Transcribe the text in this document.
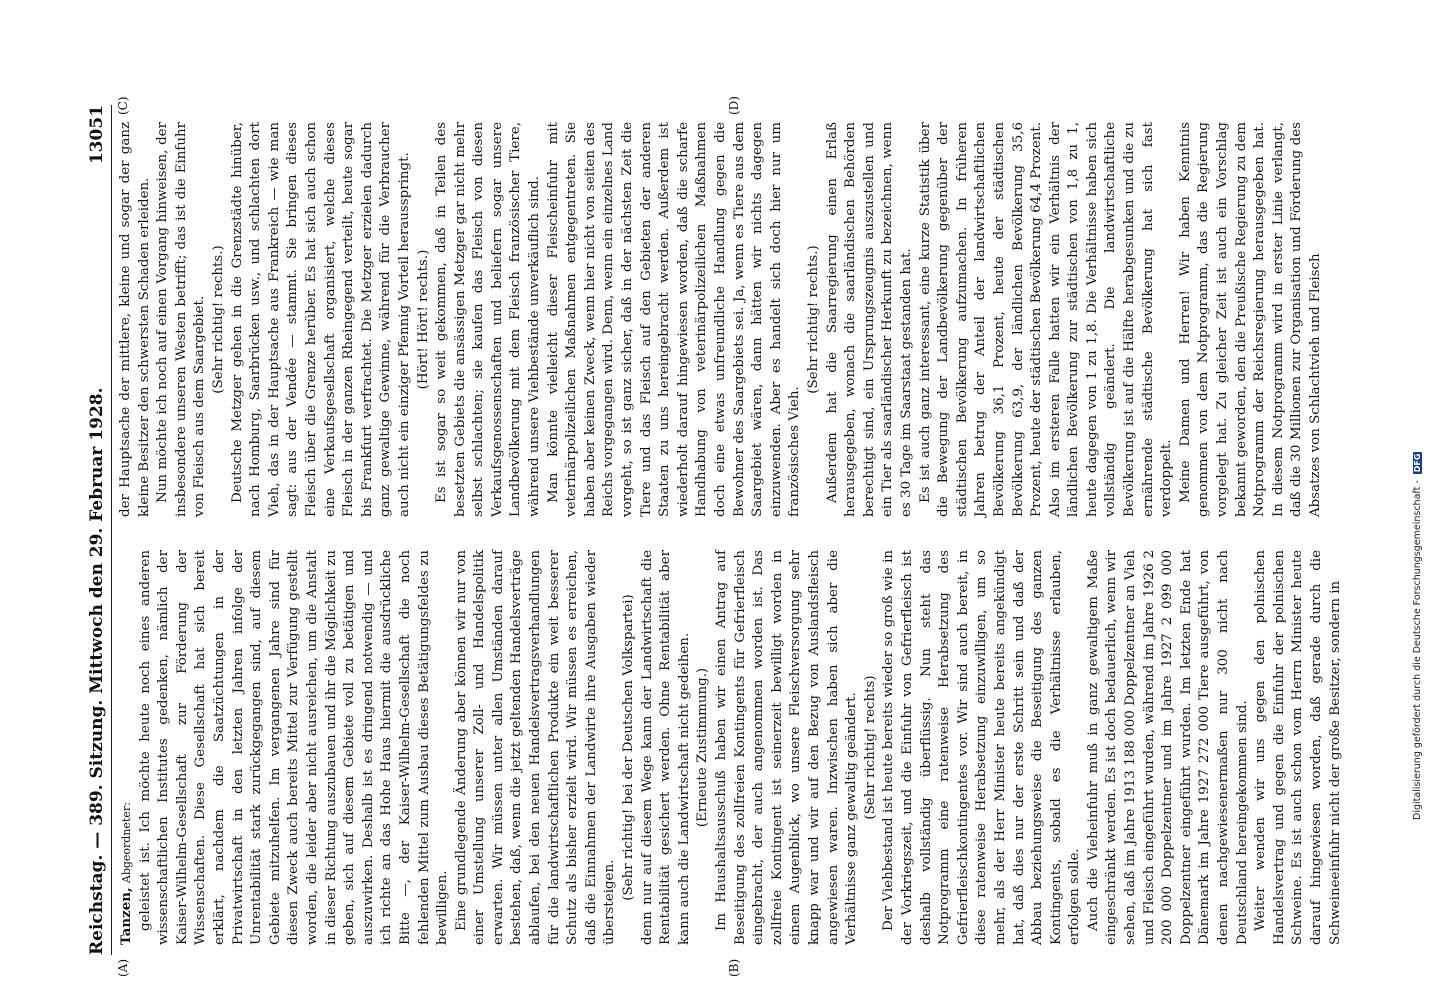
Reichstag. — 389. Sitzung. Mittwoch den 29. Februar 1928.
13051
(A)	(B)
(C)	(D)

Tanzen, Abgeordneter: geleistet ist. Ich möchte heute noch eines anderen wissenschaftlichen Institutes gedenken, nämlich der Kaiser-Wilhelm-Gesellschaft zur Förderung der Wissenschaften. Diese Gesellschaft hat sich bereit erklärt, nachdem die Saatzüchtungen in der Privatwirtschaft in den letzten Jahren infolge der Unrentabilität stark zurückgegangen sind, auf diesem Gebiete mitzuhelfen. Im vergangenen Jahre sind für diesen Zweck auch bereits Mittel zur Verfügung gestellt worden, die leider aber nicht ausreichen, um die Anstalt in dieser Richtung auszubauen und ihr die Möglichkeit zu geben, sich auf diesem Gebiete voll zu betätigen und auszuwirken. Deshalb ist es dringend notwendig — und ich richte an das Hohe Haus hiermit die ausdrückliche Bitte —, der Kaiser-Wilhelm-Gesellschaft die noch fehlenden Mittel zum Ausbau dieses Betätigungsfeldes zu bewilligen. Eine grundlegende Änderung aber können wir nur von einer Umstellung unserer Zoll- und Handelspolitik erwarten. Wir müssen unter allen Umständen darauf bestehen, daß, wenn die jetzt geltenden Handelsverträge ablaufen, bei den neuen Handelsvertragsverhandlungen für die landwirtschaftlichen Produkte ein weit besserer Schutz als bisher erzielt wird. Wir müssen es erreichen, daß die Einnahmen der Landwirte ihre Ausgaben wieder übersteigen.

(Sehr richtig! bei der Deutschen Volkspartei) denn nur auf diesem Wege kann der Landwirtschaft die Rentabilität gesichert werden. Ohne Rentabilität aber kann auch die Landwirtschaft nicht gedeihen. (Erneute Zustimmung.) Im Haushaltsausschuß haben wir einen Antrag auf Beseitigung des zollfreien Kontingents für Gefrierfleisch eingebracht, der auch angenommen worden ist. Das zollfreie Kontingent ist seinerzeit bewilligt worden in einem Augenblick, wo unsere Fleischversorgung sehr knapp war und wir auf den Bezug von Auslandsfleisch angewiesen waren. Inzwischen haben sich aber die Verhältnisse ganz gewaltig geändert. (Sehr richtig! rechts) Der Viehbestand ist heute bereits wieder so groß wie in der Vorkriegszeit, und die Einfuhr von Gefrierfleisch ist deshalb vollständig überflüssig. Nun steht das Notprogramm eine ratenweise Herabsetzung des Gefrierfleischkontingentes vor. Wir sind auch bereit, in diese ratenweise Herabsetzung einzuwilligen, um so mehr, als der Herr Minister heute bereits angekündigt hat, daß dies nur der erste Schritt sein und daß der Abbau beziehungsweise die Beseitigung des ganzen Kontingents, sobald es die Verhältnisse erlauben, erfolgen solle. Auch die Vieheinfuhr muß in ganz gewaltigem Maße eingeschränkt werden. Es ist doch bedauerlich, wenn wir sehen, daß im Jahre 1913 188 000 Doppelzentner an Vieh und Fleisch eingeführt wurden, während im Jahre 1926 2 200 000 Doppelzentner und im Jahre 1927 2 099 000 Doppelzentner eingeführt wurden. Im letzten Ende hat Dänemark im Jahre 1927 272 000 Tiere ausgeführt, von denen nachgewiesenermaßen nur 300 nicht nach Deutschland hereingekommen sind. Weiter wenden wir uns gegen den polnischen Handelsvertrag und gegen die Einfuhr der polnischen Schweine. Es ist auch schon vom Herrn Minister heute darauf hingewiesen worden, daß gerade durch die Schweineeinfuhr nicht der große Besitzer, sondern in

der Hauptsache der mittlere, kleine und sogar der ganz kleine Besitzer den schwersten Schaden erleiden. Nun möchte ich noch auf einen Vorgang hinweisen, der insbesondere unseren Westen betrifft; das ist die Einfuhr von Fleisch aus dem Saargebiet. (Sehr richtig! rechts.) Deutsche Metzger gehen in die Grenzstädte hinüber, nach Homburg, Saarbrücken usw., und schlachten dort Vieh, das in der Hauptsache aus Frankreich — wie man sagt: aus der Vendée — stammt. Sie bringen dieses Fleisch über die Grenze herüber. Es hat sich auch schon eine Verkaufsgesellschaft organisiert, welche dieses Fleisch in der ganzen Rheingegend verteilt, heute sogar bis Frankfurt verfrachtet. Die Metzger erzielen dadurch ganz gewaltige Gewinne, während für die Verbraucher auch nicht ein einziger Pfennig Vorteil herausspringt. (Hört! Hört! rechts.) Es ist sogar so weit gekommen, daß in Teilen des besetzten Gebiets die ansässigen Metzger gar nicht mehr selbst schlachten; sie kaufen das Fleisch von diesen Verkaufsgenossenschaften und beliefern sogar unsere Landbevölkerung mit dem Fleisch französischer Tiere, während unsere Viehbestände unverkäuflich sind. Man könnte vielleicht dieser Fleischeinfuhr mit veterinärpolizeilichen Maßnahmen entgegentreten. Sie haben aber keinen Zweck, wenn hier nicht von seiten des Reichs vorgegangen wird. Denn, wenn ein einzelnes Land vorgeht, so ist ganz sicher, daß in der nächsten Zeit die Tiere und das Fleisch auf den Gebieten der anderen Staaten zu uns hereingebracht werden. Außerdem ist wiederholt darauf hingewiesen worden, daß die scharfe Handhabung von veterinärpolizeilichen Maßnahmen doch eine etwas unfreundliche Handlung gegen die Bewohner des Saargebiets sei. Ja, wenn es Tiere aus dem Saargebiet wären, dann hätten wir nichts dagegen einzuwenden. Aber es handelt sich doch hier nur um französisches Vieh.

(Sehr richtig! rechts.) Außerdem hat die Saarregierung einen Erlaß herausgegeben, wonach die saarländischen Behörden berechtigt sind, ein Ursprungszeugnis auszustellen und ein Tier als saarländischer Herkunft zu bezeichnen, wenn es 30 Tage im Saarstaat gestanden hat. Es ist auch ganz interessant, eine kurze Statistik über die Bewegung der Landbevölkerung gegenüber der städtischen Bevölkerung aufzumachen. In früheren Jahren betrug der Anteil der landwirtschaftlichen Bevölkerung 36,1 Prozent, heute der städtischen Bevölkerung 63,9, der ländlichen Bevölkerung 35,6 Prozent, heute der städtischen Bevölkerung 64,4 Prozent. Also im ersteren Falle hatten wir ein Verhältnis der ländlichen Bevölkerung zur städtischen von 1,8 zu 1, heute dagegen von 1 zu 1,8. Die Verhältnisse haben sich vollständig geändert. Die landwirtschaftliche Bevölkerung ist auf die Hälfte herabgesunken und die zu ernährende städtische Bevölkerung hat sich fast verdoppelt. Meine Damen und Herren! Wir haben Kenntnis genommen von dem Notprogramm, das die Regierung vorgelegt hat. Zu gleicher Zeit ist auch ein Vorschlag bekannt geworden, den die Preußische Regierung zu dem Notprogramm der Reichsregierung herausgegeben hat. In diesem Notprogramm wird in erster Linie verlangt, daß die 30 Millionen zur Organisation und Förderung des Absatzes von Schlachtvieh und Fleisch

Digitalisierung gefördert durch die Deutsche Forschungsgemeinschaft - DFG
